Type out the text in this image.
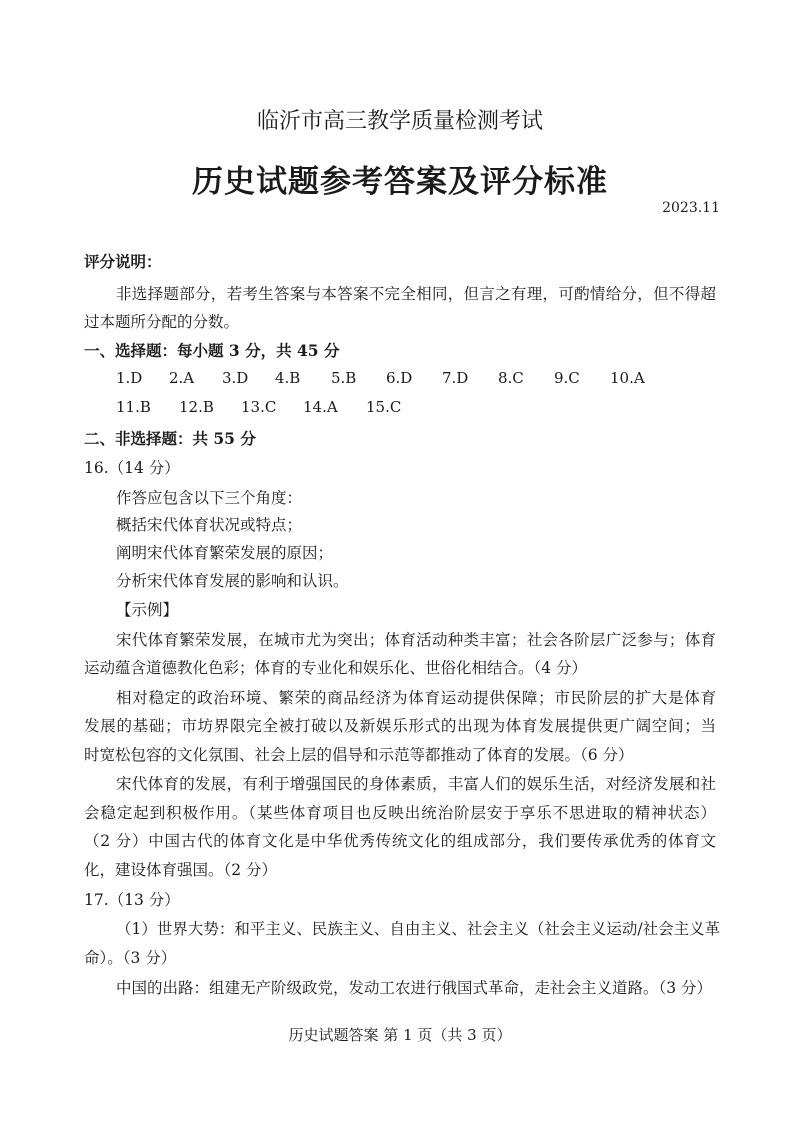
临沂市高三教学质量检测考试
历史试题参考答案及评分标准
2023.11
评分说明：
非选择题部分，若考生答案与本答案不完全相同，但言之有理，可酌情给分，但不得超
过本题所分配的分数。
一、选择题：每小题 3 分，共 45 分
1.D 2.A 3.D 4.B 5.B 6.D 7.D 8.C 9.C 10.A
11.B 12.B 13.C 14.A 15.C
二、非选择题：共 55 分
16.（14 分）
作答应包含以下三个角度：
概括宋代体育状况或特点；
阐明宋代体育繁荣发展的原因；
分析宋代体育发展的影响和认识。
【示例】
宋代体育繁荣发展，在城市尤为突出；体育活动种类丰富；社会各阶层广泛参与；体育
运动蕴含道德教化色彩；体育的专业化和娱乐化、世俗化相结合。（4 分）
相对稳定的政治环境、繁荣的商品经济为体育运动提供保障；市民阶层的扩大是体育
发展的基础；市坊界限完全被打破以及新娱乐形式的出现为体育发展提供更广阔空间；当
时宽松包容的文化氛围、社会上层的倡导和示范等都推动了体育的发展。（6 分）
宋代体育的发展，有利于增强国民的身体素质，丰富人们的娱乐生活，对经济发展和社
会稳定起到积极作用。（某些体育项目也反映出统治阶层安于享乐不思进取的精神状态）
（2 分）中国古代的体育文化是中华优秀传统文化的组成部分，我们要传承优秀的体育文
化，建设体育强国。（2 分）
17.（13 分）
（1）世界大势：和平主义、民族主义、自由主义、社会主义（社会主义运动/社会主义革
命）。（3 分）
中国的出路：组建无产阶级政党，发动工农进行俄国式革命，走社会主义道路。（3 分）
历史试题答案 第 1 页（共 3 页）
